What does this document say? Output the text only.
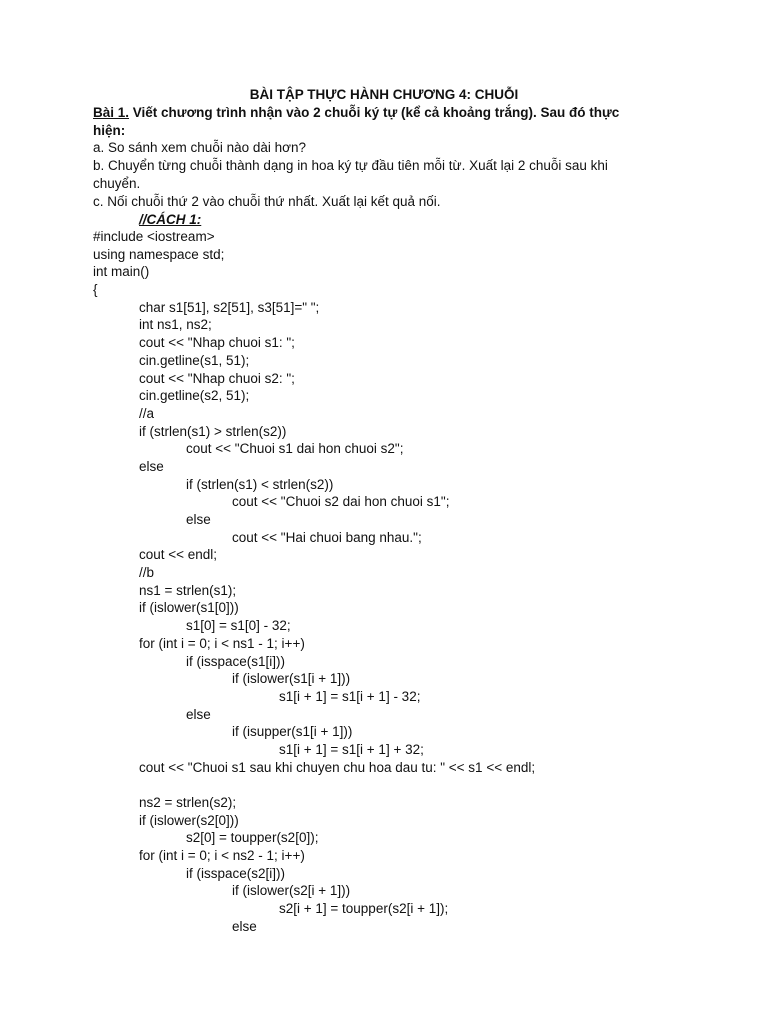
BÀI TẬP THỰC HÀNH CHƯƠNG 4: CHUỖI
Bài 1. Viết chương trình nhận vào 2 chuỗi ký tự (kể cả khoảng trắng). Sau đó thực hiện:
a. So sánh xem chuỗi nào dài hơn?
b. Chuyển từng chuỗi thành dạng in hoa ký tự đầu tiên mỗi từ. Xuất lại 2 chuỗi sau khi chuyển.
c. Nối chuỗi thứ 2 vào chuỗi thứ nhất. Xuất lại kết quả nối.
//CÁCH 1:
#include <iostream>
using namespace std;
int main()
{
char s1[51], s2[51], s3[51]=" ";
int ns1, ns2;
cout << "Nhap chuoi s1: ";
cin.getline(s1, 51);
cout << "Nhap chuoi s2: ";
cin.getline(s2, 51);
//a
if (strlen(s1) > strlen(s2))
cout << "Chuoi s1 dai hon chuoi s2";
else
if (strlen(s1) < strlen(s2))
cout << "Chuoi s2 dai hon chuoi s1";
else
cout << "Hai chuoi bang nhau.";
cout << endl;
//b
ns1 = strlen(s1);
if (islower(s1[0]))
s1[0] = s1[0] - 32;
for (int i = 0; i < ns1 - 1; i++)
if (isspace(s1[i]))
if (islower(s1[i + 1]))
s1[i + 1] = s1[i + 1] - 32;
else
if (isupper(s1[i + 1]))
s1[i + 1] = s1[i + 1] + 32;
cout << "Chuoi s1 sau khi chuyen chu hoa dau tu: " << s1 << endl;
ns2 = strlen(s2);
if (islower(s2[0]))
s2[0] = toupper(s2[0]);
for (int i = 0; i < ns2 - 1; i++)
if (isspace(s2[i]))
if (islower(s2[i + 1]))
s2[i + 1] = toupper(s2[i + 1]);
else
